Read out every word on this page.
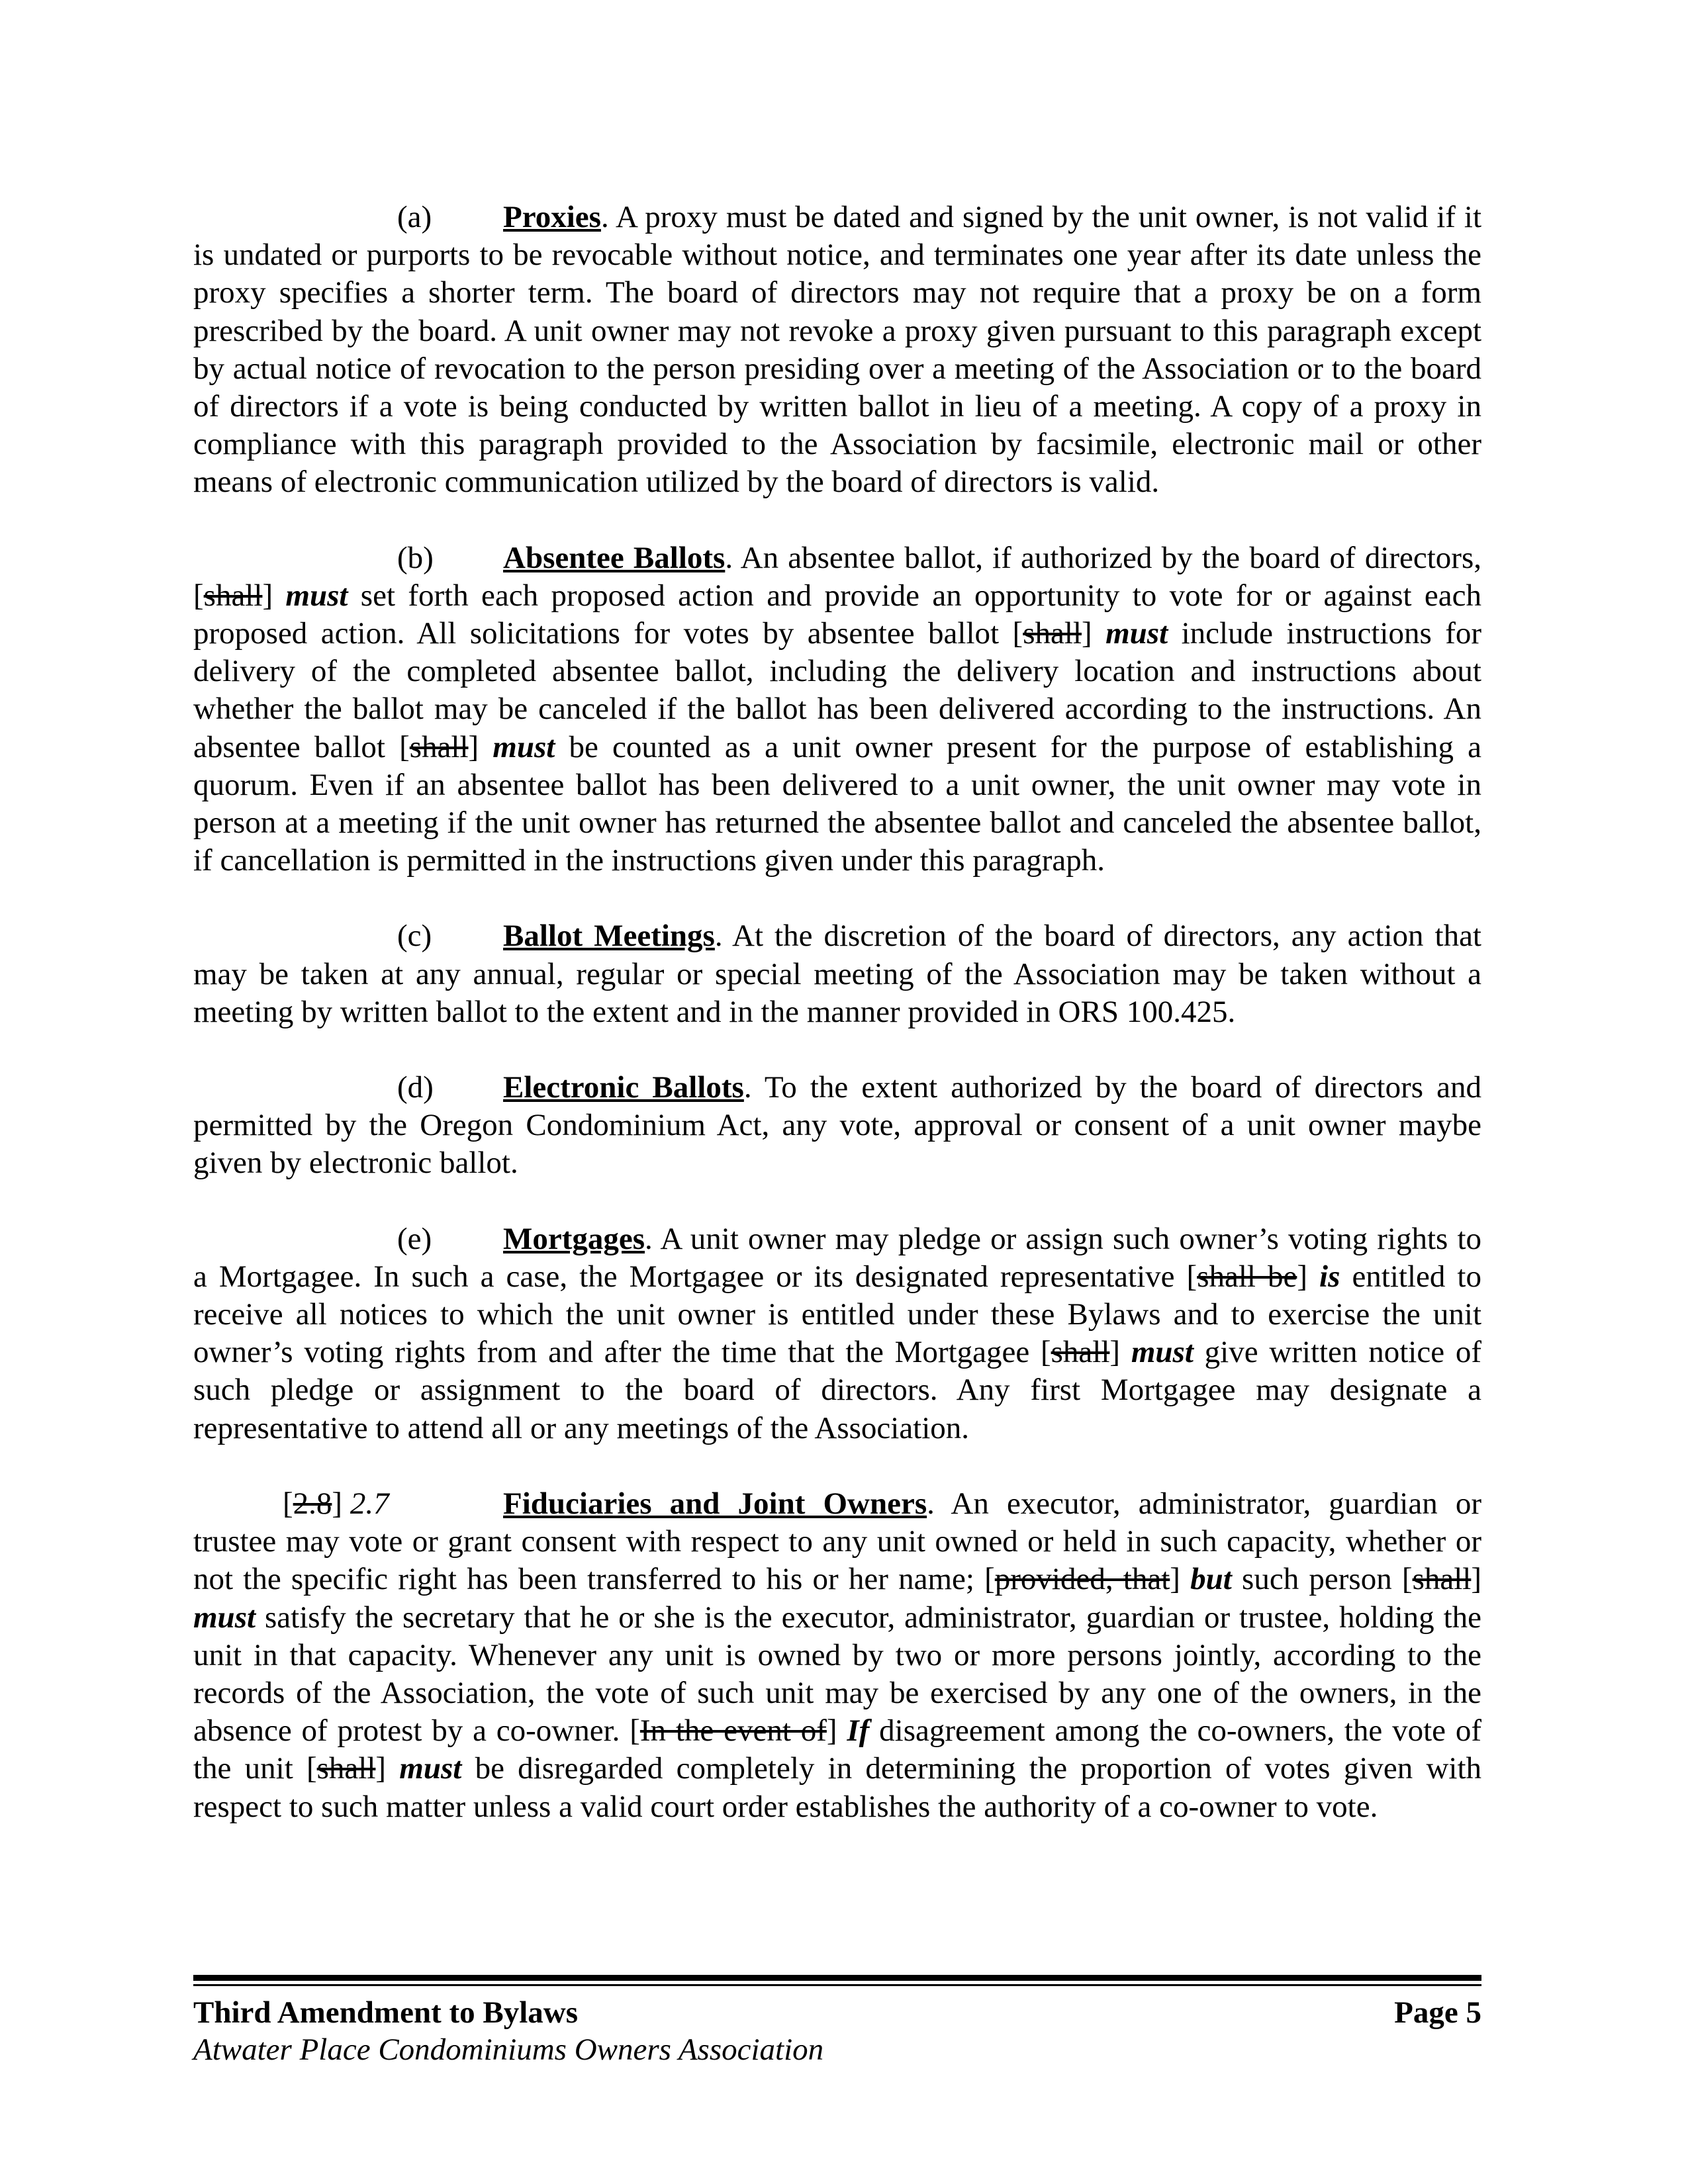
(a) Proxies. A proxy must be dated and signed by the unit owner, is not valid if it is undated or purports to be revocable without notice, and terminates one year after its date unless the proxy specifies a shorter term. The board of directors may not require that a proxy be on a form prescribed by the board. A unit owner may not revoke a proxy given pursuant to this paragraph except by actual notice of revocation to the person presiding over a meeting of the Association or to the board of directors if a vote is being conducted by written ballot in lieu of a meeting. A copy of a proxy in compliance with this paragraph provided to the Association by facsimile, electronic mail or other means of electronic communication utilized by the board of directors is valid.

(b) Absentee Ballots. An absentee ballot, if authorized by the board of directors, [shall] must set forth each proposed action and provide an opportunity to vote for or against each proposed action. All solicitations for votes by absentee ballot [shall] must include instructions for delivery of the completed absentee ballot, including the delivery location and instructions about whether the ballot may be canceled if the ballot has been delivered according to the instructions. An absentee ballot [shall] must be counted as a unit owner present for the purpose of establishing a quorum. Even if an absentee ballot has been delivered to a unit owner, the unit owner may vote in person at a meeting if the unit owner has returned the absentee ballot and canceled the absentee ballot, if cancellation is permitted in the instructions given under this paragraph.

(c) Ballot Meetings. At the discretion of the board of directors, any action that may be taken at any annual, regular or special meeting of the Association may be taken without a meeting by written ballot to the extent and in the manner provided in ORS 100.425.

(d) Electronic Ballots. To the extent authorized by the board of directors and permitted by the Oregon Condominium Act, any vote, approval or consent of a unit owner maybe given by electronic ballot.

(e) Mortgages. A unit owner may pledge or assign such owner’s voting rights to a Mortgagee. In such a case, the Mortgagee or its designated representative [shall be] is entitled to receive all notices to which the unit owner is entitled under these Bylaws and to exercise the unit owner’s voting rights from and after the time that the Mortgagee [shall] must give written notice of such pledge or assignment to the board of directors. Any first Mortgagee may designate a representative to attend all or any meetings of the Association.

[2.8] 2.7	Fiduciaries and Joint Owners. An executor, administrator, guardian or trustee may vote or grant consent with respect to any unit owned or held in such capacity, whether or not the specific right has been transferred to his or her name; [provided, that] but such person [shall] must satisfy the secretary that he or she is the executor, administrator, guardian or trustee, holding the unit in that capacity. Whenever any unit is owned by two or more persons jointly, according to the records of the Association, the vote of such unit may be exercised by any one of the owners, in the absence of protest by a co-owner. [In the event of] If disagreement among the co-owners, the vote of the unit [shall] must be disregarded completely in determining the proportion of votes given with respect to such matter unless a valid court order establishes the authority of a co-owner to vote.

Third Amendment to Bylaws	Page 5
Atwater Place Condominiums Owners Association
